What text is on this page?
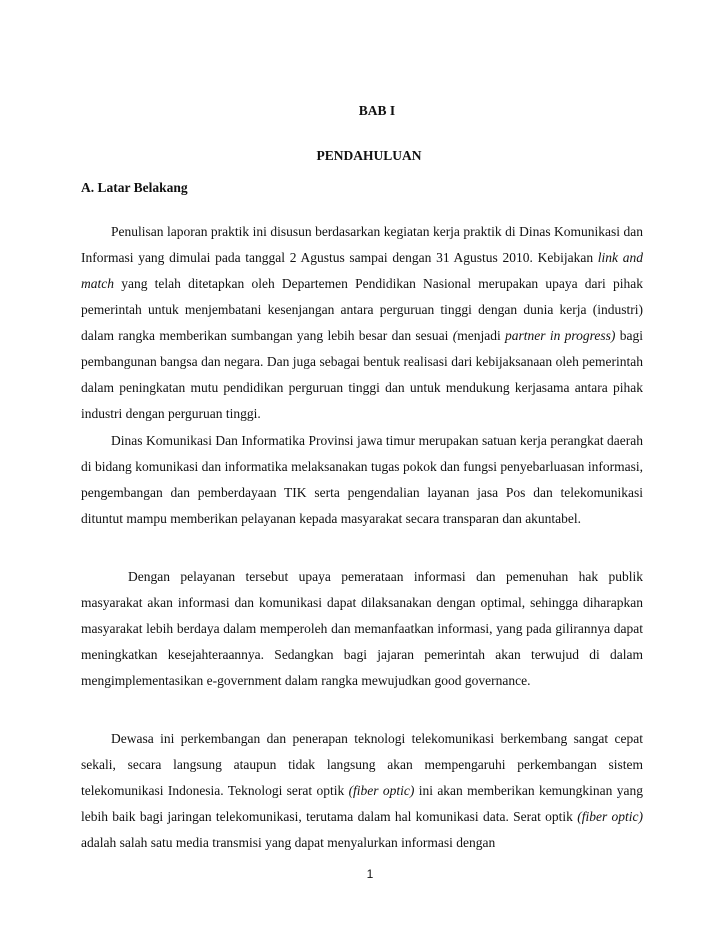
BAB I
PENDAHULUAN
A. Latar Belakang

Penulisan laporan praktik ini disusun berdasarkan kegiatan kerja praktik di Dinas Komunikasi dan Informasi yang dimulai pada tanggal 2 Agustus sampai dengan 31 Agustus 2010. Kebijakan link and match yang telah ditetapkan oleh Departemen Pendidikan Nasional merupakan upaya dari pihak pemerintah untuk menjembatani kesenjangan antara perguruan tinggi dengan dunia kerja (industri) dalam rangka memberikan sumbangan yang lebih besar dan sesuai (menjadi partner in progress) bagi pembangunan bangsa dan negara. Dan juga sebagai bentuk realisasi dari kebijaksanaan oleh pemerintah dalam peningkatan mutu pendidikan perguruan tinggi dan untuk mendukung kerjasama antara pihak industri dengan perguruan tinggi.

Dinas Komunikasi Dan Informatika Provinsi jawa timur merupakan satuan kerja perangkat daerah di bidang komunikasi dan informatika melaksanakan tugas pokok dan fungsi penyebarluasan informasi, pengembangan dan pemberdayaan TIK serta pengendalian layanan jasa Pos dan telekomunikasi dituntut mampu memberikan pelayanan kepada masyarakat secara transparan dan akuntabel.

Dengan pelayanan tersebut upaya pemerataan informasi dan pemenuhan hak publik masyarakat akan informasi dan komunikasi dapat dilaksanakan dengan optimal, sehingga diharapkan masyarakat lebih berdaya dalam memperoleh dan memanfaatkan informasi, yang pada gilirannya dapat meningkatkan kesejahteraannya. Sedangkan bagi jajaran pemerintah akan terwujud di dalam mengimplementasikan e-government dalam rangka mewujudkan good governance.

Dewasa ini perkembangan dan penerapan teknologi telekomunikasi berkembang sangat cepat sekali, secara langsung ataupun tidak langsung akan mempengaruhi perkembangan sistem telekomunikasi Indonesia. Teknologi serat optik (fiber optic) ini akan memberikan kemungkinan yang lebih baik bagi jaringan telekomunikasi, terutama dalam hal komunikasi data. Serat optik (fiber optic) adalah salah satu media transmisi yang dapat menyalurkan informasi dengan

1
